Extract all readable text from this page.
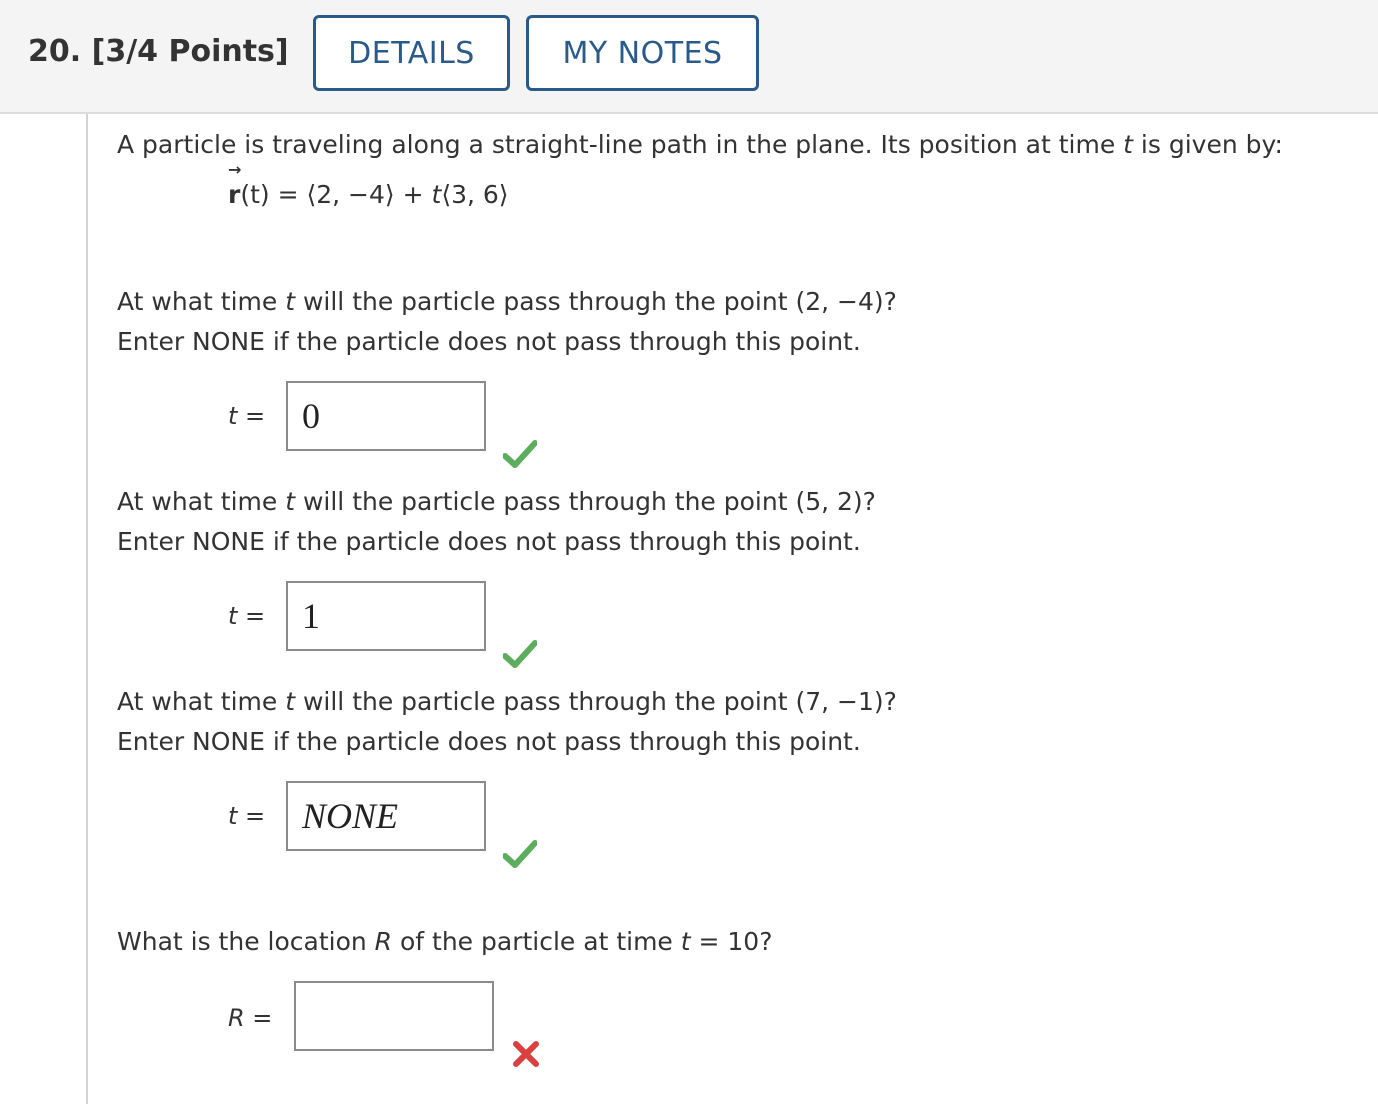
20. [3/4 Points]	DETAILS	MY NOTES
A particle is traveling along a straight-line path in the plane. Its position at time t is given by:
→
r(t) = ⟨2, −4⟩ + t⟨3, 6⟩
At what time t will the particle pass through the point (2, −4)?
Enter NONE if the particle does not pass through this point.
t =	0
At what time t will the particle pass through the point (5, 2)?
Enter NONE if the particle does not pass through this point.
t =	1
At what time t will the particle pass through the point (7, −1)?
Enter NONE if the particle does not pass through this point.
t =	NONE
What is the location R of the particle at time t = 10?
R =
